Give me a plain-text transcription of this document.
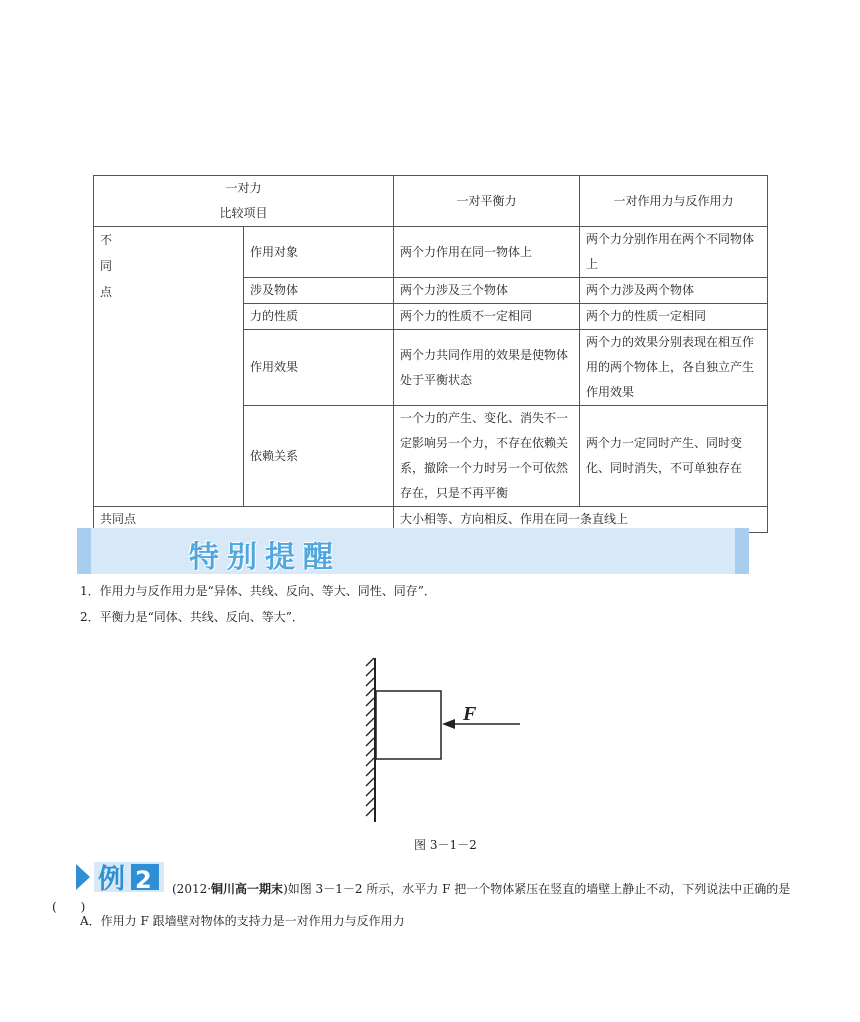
一对力
比较项目		一对平衡力	一对作用力与反作用力

不
同
点	作用对象	两个力作用在同一物体上	两个力分别作用在两个不同物体上
	涉及物体	两个力涉及三个物体	两个力涉及两个物体
	力的性质	两个力的性质不一定相同	两个力的性质一定相同
	作用效果	两个力共同作用的效果是使物体处于平衡状态	两个力的效果分别表现在相互作用的两个物体上，各自独立产生作用效果
	依赖关系	一个力的产生、变化、消失不一定影响另一个力，不存在依赖关系，撤除一个力时另一个可依然存在，只是不再平衡	两个力一定同时产生、同时变化、同时消失，不可单独存在
共同点		大小相等、方向相反、作用在同一条直线上	
特别提醒
1．作用力与反作用力是“异体、共线、反向、等大、同性、同存”．
2．平衡力是“同体、共线、反向、等大”．
F
图 3－1－2
例 2 (2012·铜川高一期末)如图 3－1－2 所示，水平力 F 把一个物体紧压在竖直的墙壁上静止不动，下列说法中正确的是
(　　)
A．作用力 F 跟墙壁对物体的支持力是一对作用力与反作用力
